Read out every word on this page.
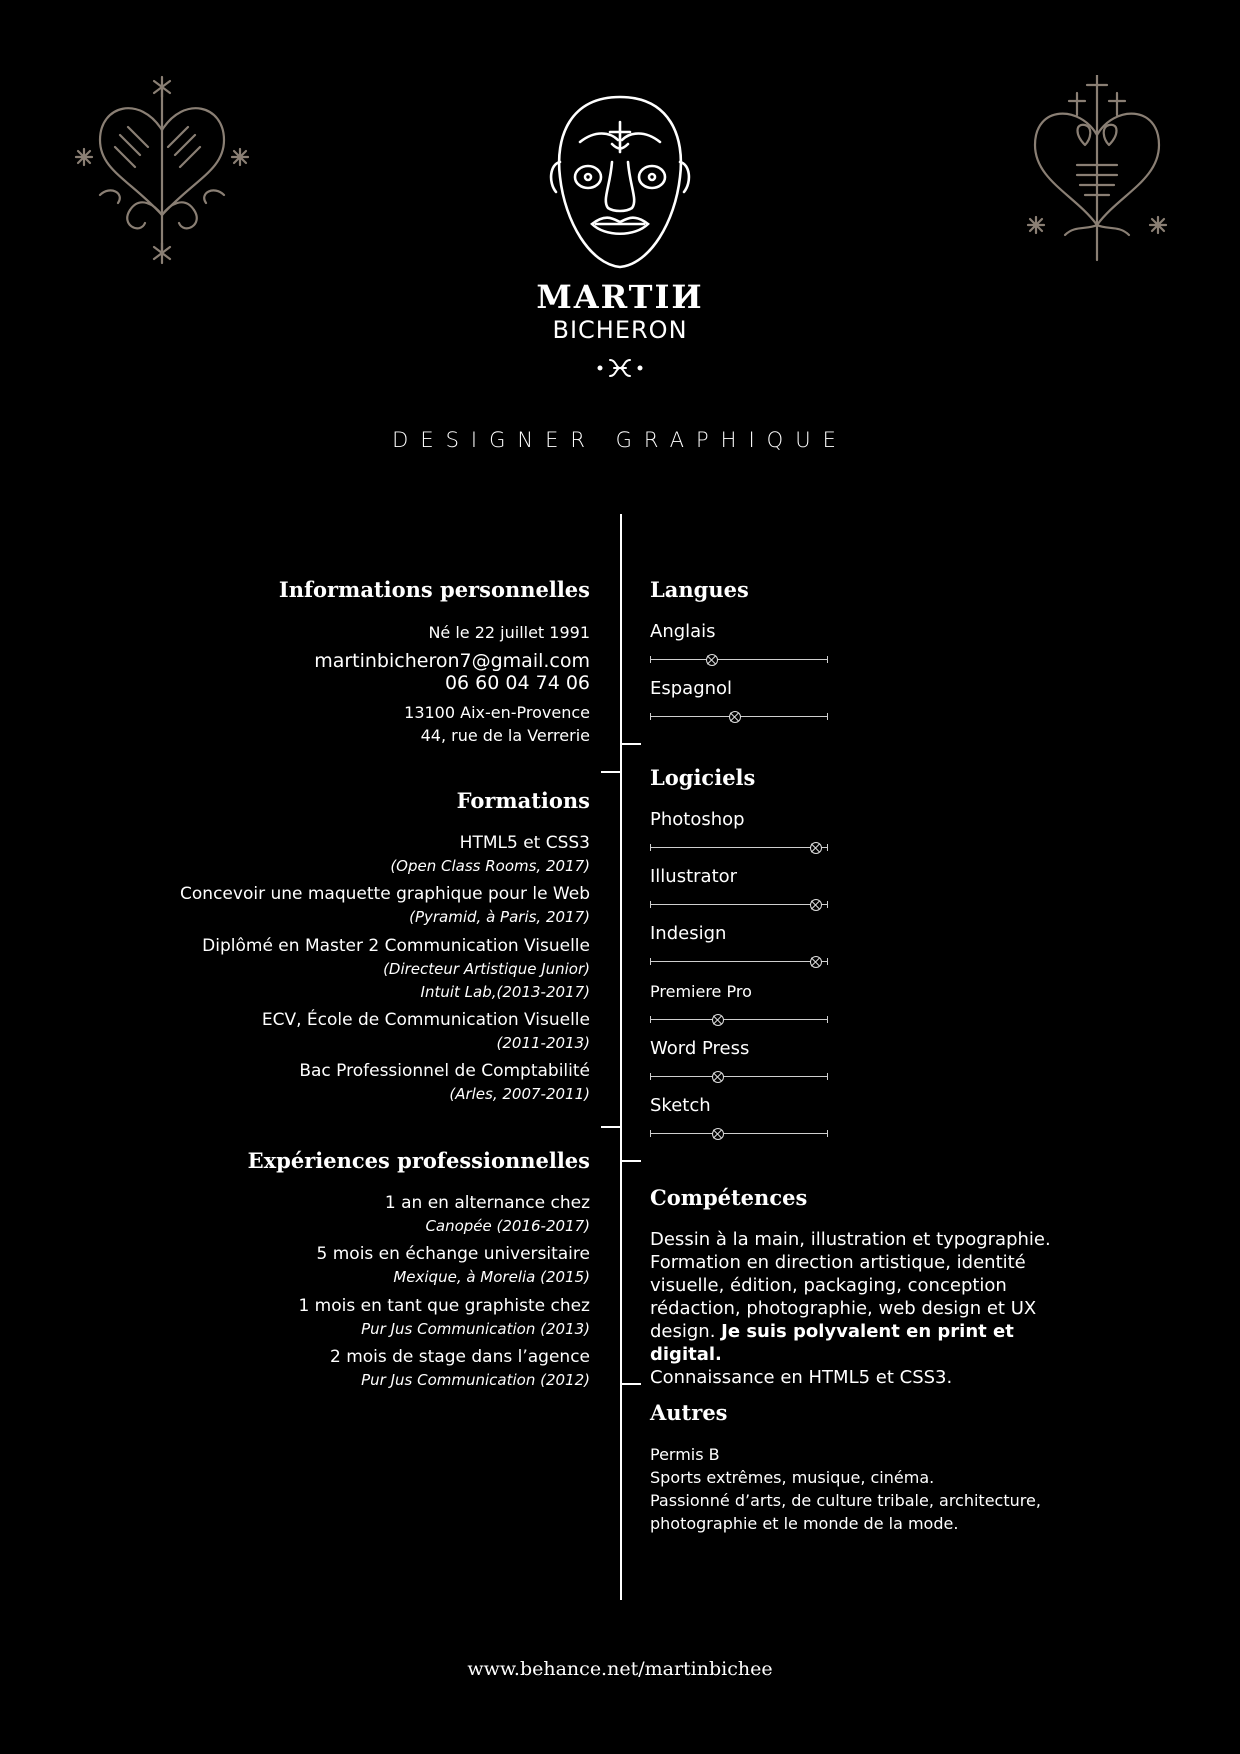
MARTIИ
BICHERON
DESIGNER GRAPHIQUE
Informations personnelles
Né le 22 juillet 1991
martinbicheron7@gmail.com
06 60 04 74 06
13100 Aix-en-Provence
44, rue de la Verrerie
Formations
HTML5 et CSS3
(Open Class Rooms, 2017)
Concevoir une maquette graphique pour le Web
(Pyramid, à Paris, 2017)
Diplômé en Master 2 Communication Visuelle
(Directeur Artistique Junior)
Intuit Lab,(2013-2017)
ECV, École de Communication Visuelle
(2011-2013)
Bac Professionnel de Comptabilité
(Arles, 2007-2011)
Expériences professionnelles
1 an en alternance chez
Canopée (2016-2017)
5 mois en échange universitaire
Mexique, à Morelia (2015)
1 mois en tant que graphiste chez
Pur Jus Communication (2013)
2 mois de stage dans l’agence
Pur Jus Communication (2012)
Langues
Anglais
Espagnol
Logiciels
Photoshop
Illustrator
Indesign
Premiere Pro
Word Press
Sketch
Compétences
Dessin à la main, illustration et typographie.
Formation en direction artistique, identité
visuelle, édition, packaging, conception
rédaction, photographie, web design et UX
design. Je suis polyvalent en print et digital.
Connaissance en HTML5 et CSS3.
Autres
Permis B
Sports extrêmes, musique, cinéma.
Passionné d’arts, de culture tribale, architecture,
photographie et le monde de la mode.
www.behance.net/martinbichee
